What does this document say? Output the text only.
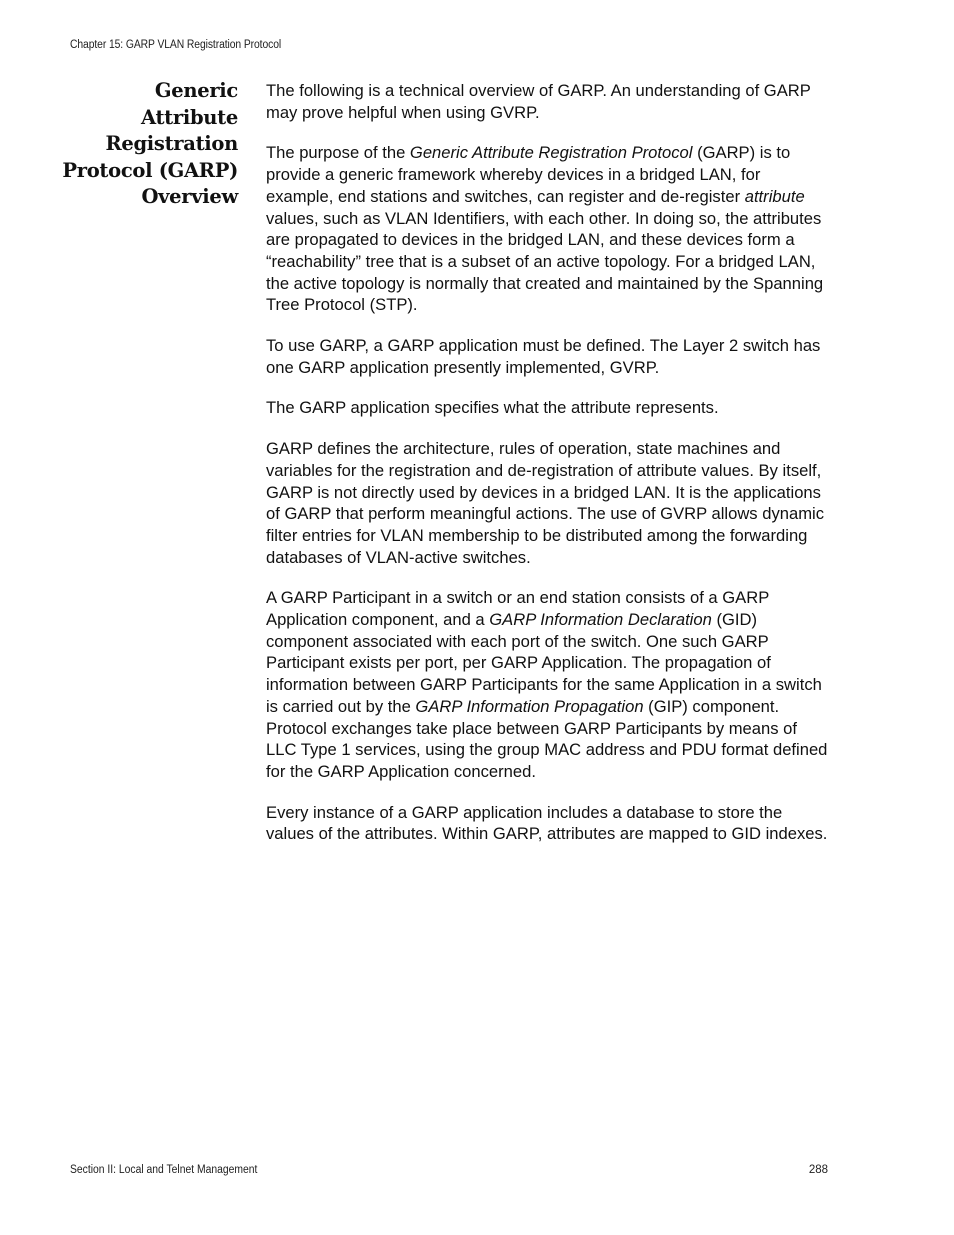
Chapter 15: GARP VLAN Registration Protocol
Generic
Attribute
Registration
Protocol (GARP)
Overview

The following is a technical overview of GARP. An understanding of GARP may prove helpful when using GVRP.

The purpose of the Generic Attribute Registration Protocol (GARP) is to provide a generic framework whereby devices in a bridged LAN, for example, end stations and switches, can register and de-register attribute values, such as VLAN Identifiers, with each other. In doing so, the attributes are propagated to devices in the bridged LAN, and these devices form a “reachability” tree that is a subset of an active topology. For a bridged LAN, the active topology is normally that created and maintained by the Spanning Tree Protocol (STP).

To use GARP, a GARP application must be defined. The Layer 2 switch has one GARP application presently implemented, GVRP.

The GARP application specifies what the attribute represents.

GARP defines the architecture, rules of operation, state machines and variables for the registration and de-registration of attribute values. By itself, GARP is not directly used by devices in a bridged LAN. It is the applications of GARP that perform meaningful actions. The use of GVRP allows dynamic filter entries for VLAN membership to be distributed among the forwarding databases of VLAN-active switches.

A GARP Participant in a switch or an end station consists of a GARP Application component, and a GARP Information Declaration (GID) component associated with each port of the switch. One such GARP Participant exists per port, per GARP Application. The propagation of information between GARP Participants for the same Application in a switch is carried out by the GARP Information Propagation (GIP) component. Protocol exchanges take place between GARP Participants by means of LLC Type 1 services, using the group MAC address and PDU format defined for the GARP Application concerned.

Every instance of a GARP application includes a database to store the values of the attributes. Within GARP, attributes are mapped to GID indexes.

Section II: Local and Telnet Management	288
